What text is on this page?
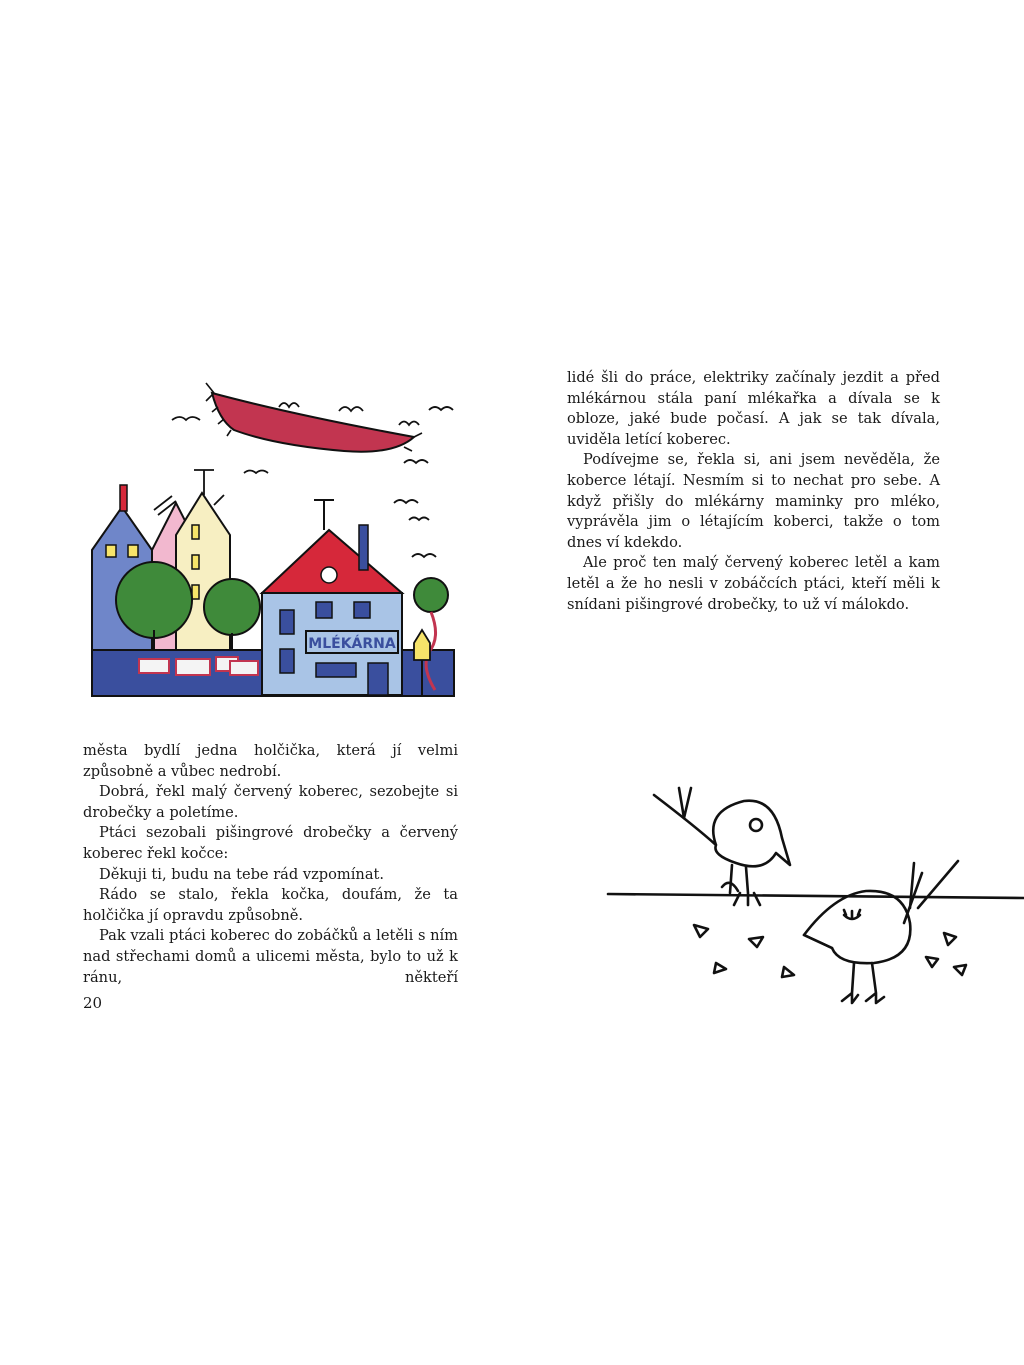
MLÉKÁRNA

města bydlí jedna holčička, která jí velmi způsobně a vůbec nedrobí.

Dobrá, řekl malý červený koberec, sezobejte si drobečky a poletíme.

Ptáci sezobali pišingrové drobečky a červený koberec řekl kočce:

Děkuji ti, budu na tebe rád vzpomínat.

Rádo se stalo, řekla kočka, doufám, že ta holčička jí opravdu způsobně.

Pak vzali ptáci koberec do zobáčků a letěli s ním nad střechami domů a ulicemi města, bylo to už k ránu, někteří

20

lidé šli do práce, elektriky začínaly jezdit a před mlékárnou stála paní mlékařka a dívala se k obloze, jaké bude počasí. A jak se tak dívala, uviděla letící koberec.

Podívejme se, řekla si, ani jsem nevěděla, že koberce létají. Nesmím si to nechat pro sebe. A když přišly do mlékárny maminky pro mléko, vyprávěla jim o létajícím koberci, takže o tom dnes ví kdekdo.

Ale proč ten malý červený koberec letěl a kam letěl a že ho nesli v zobáčcích ptáci, kteří měli k snídani pišingrové drobečky, to už ví málokdo.
